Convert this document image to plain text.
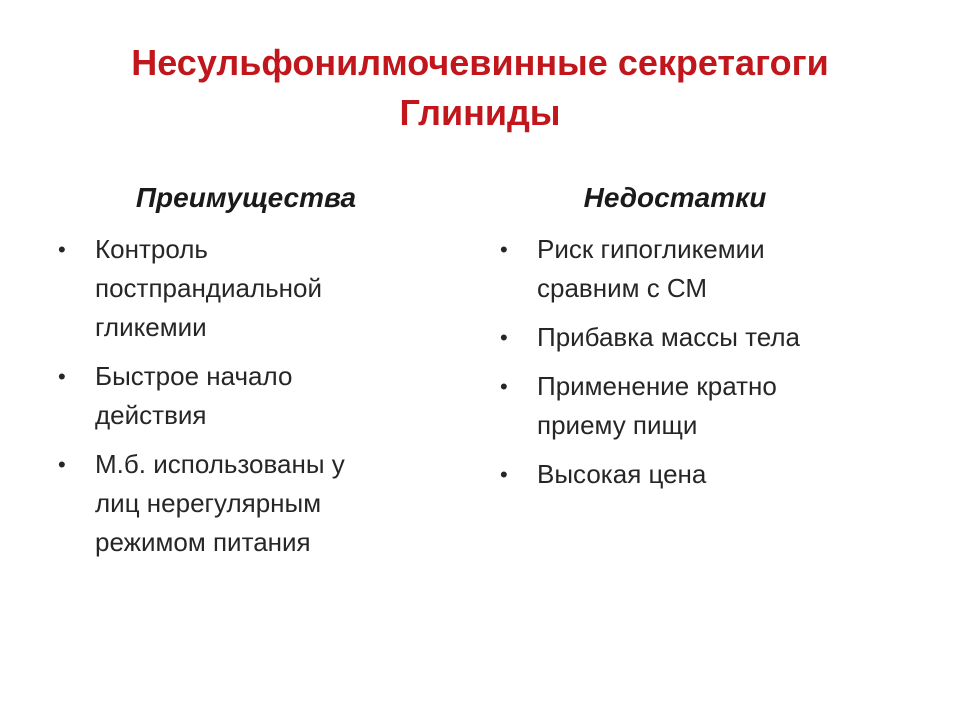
Несульфонилмочевинные секретагоги
Глиниды
Преимущества	Недостатки
• Контроль
постпрандиальной
гликемии
• Быстрое начало
действия
• М.б. использованы у
лиц нерегулярным
режимом питания
• Риск гипогликемии
сравним с СМ
• Прибавка массы тела
• Применение кратно
приему пищи
• Высокая цена
